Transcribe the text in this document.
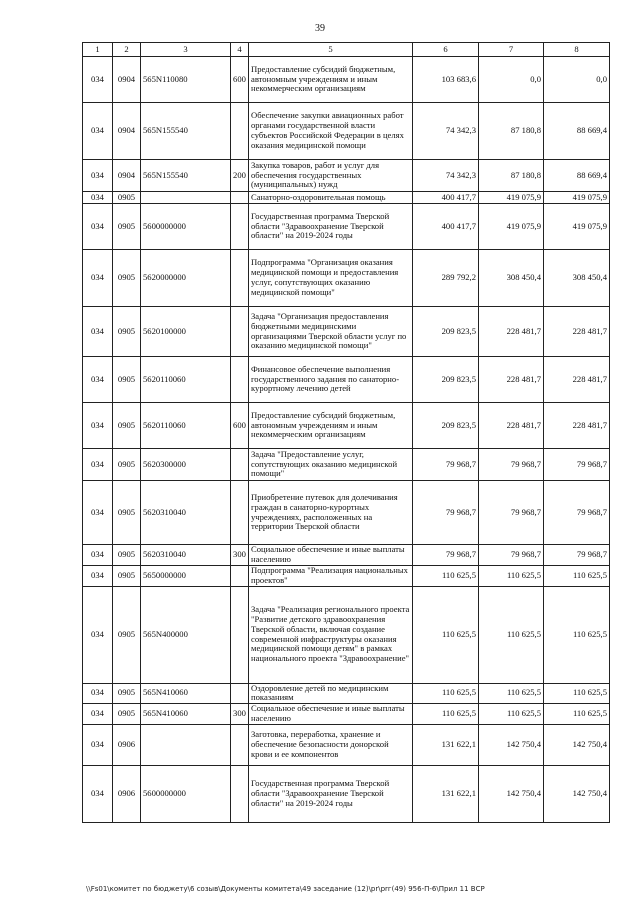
39
1	2	3	4	5	6	7	8
034	0904	565N110080	600	Предоставление субсидий бюджетным, автономным учреждениям и иным некоммерческим организациям	103 683,6	0,0	0,0
034	0904	565N155540		Обеспечение закупки авиационных работ органами государственной власти субъектов Российской Федерации в целях оказания медицинской помощи	74 342,3	87 180,8	88 669,4
034	0904	565N155540	200	Закупка товаров, работ и услуг для обеспечения государственных (муниципальных) нужд	74 342,3	87 180,8	88 669,4
034	0905			Санаторно-оздоровительная помощь	400 417,7	419 075,9	419 075,9
034	0905	5600000000		Государственная программа Тверской области "Здравоохранение Тверской области" на 2019-2024 годы	400 417,7	419 075,9	419 075,9
034	0905	5620000000		Подпрограмма "Организация оказания медицинской помощи и предоставления услуг, сопутствующих оказанию медицинской помощи"	289 792,2	308 450,4	308 450,4
034	0905	5620100000		Задача "Организация предоставления бюджетными медицинскими организациями Тверской области услуг по оказанию медицинской помощи"	209 823,5	228 481,7	228 481,7
034	0905	5620110060		Финансовое обеспечение выполнения государственного задания по санаторно-курортному лечению детей	209 823,5	228 481,7	228 481,7
034	0905	5620110060	600	Предоставление субсидий бюджетным, автономным учреждениям и иным некоммерческим организациям	209 823,5	228 481,7	228 481,7
034	0905	5620300000		Задача "Предоставление услуг, сопутствующих оказанию медицинской помощи"	79 968,7	79 968,7	79 968,7
034	0905	5620310040		Приобретение путевок для долечивания граждан в санаторно-курортных учреждениях, расположенных на территории Тверской области	79 968,7	79 968,7	79 968,7
034	0905	5620310040	300	Социальное обеспечение и иные выплаты населению	79 968,7	79 968,7	79 968,7
034	0905	5650000000		Подпрограмма "Реализация национальных проектов"	110 625,5	110 625,5	110 625,5
034	0905	565N400000		Задача "Реализация регионального проекта "Развитие детского здравоохранения Тверской области, включая создание современной инфраструктуры оказания медицинской помощи детям" в рамках национального проекта "Здравоохранение"	110 625,5	110 625,5	110 625,5
034	0905	565N410060		Оздоровление детей по медицинским показаниям	110 625,5	110 625,5	110 625,5
034	0905	565N410060	300	Социальное обеспечение и иные выплаты населению	110 625,5	110 625,5	110 625,5
034	0906			Заготовка, переработка, хранение и обеспечение безопасности донорской крови и ее компонентов	131 622,1	142 750,4	142 750,4
034	0906	5600000000		Государственная программа Тверской области "Здравоохранение Тверской области" на 2019-2024 годы	131 622,1	142 750,4	142 750,4
\\Fs01\комитет по бюджету\6 созыв\Документы комитета\49 заседание (12)\pr\prг(49) 956-П-6\Прил 11 ВСР
